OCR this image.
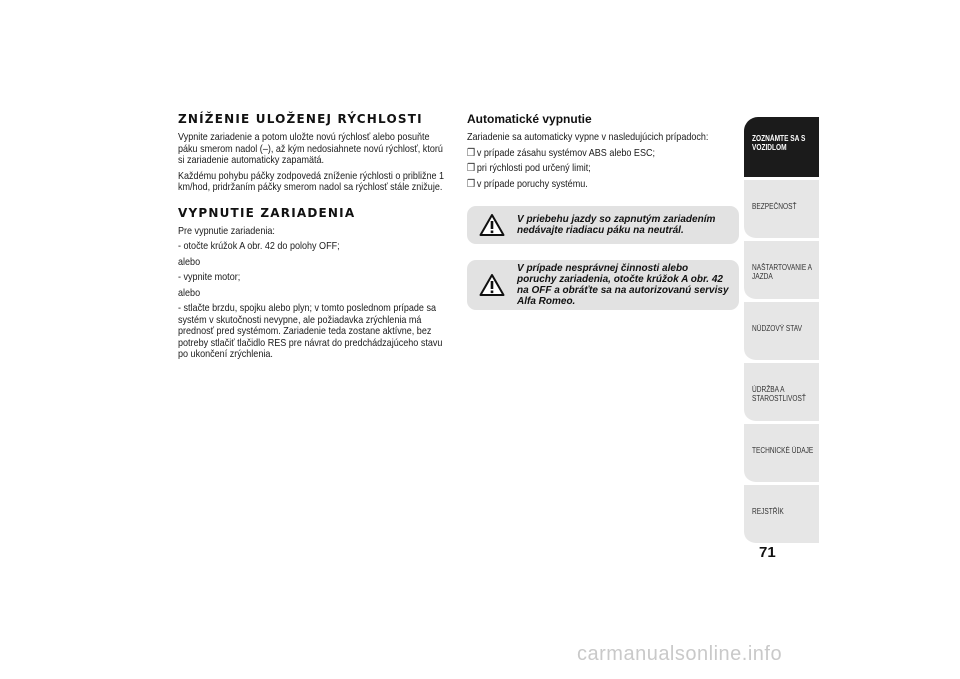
ZNÍŽENIE ULOŽENEJ RÝCHLOSTI

Vypnite zariadenie a potom uložte novú rýchlosť alebo posuňte páku smerom nadol (–), až kým nedosiahnete novú rýchlosť, ktorú si zariadenie automaticky zapamätá.

Každému pohybu páčky zodpovedá zníženie rýchlosti o približne 1 km/hod, pridržaním páčky smerom nadol sa rýchlosť stále znižuje.

VYPNUTIE ZARIADENIA

Pre vypnutie zariadenia:

- otočte krúžok A obr. 42 do polohy OFF;

alebo

- vypnite motor;

alebo

- stlačte brzdu, spojku alebo plyn; v tomto poslednom prípade sa systém v skutočnosti nevypne, ale požiadavka zrýchlenia má prednosť pred systémom. Zariadenie teda zostane aktívne, bez potreby stlačiť tlačidlo RES pre návrat do predchádzajúceho stavu po ukončení zrýchlenia.

Automatické vypnutie

Zariadenie sa automaticky vypne v nasledujúcich prípadoch:

❒ v prípade zásahu systémov ABS alebo ESC;

❒ pri rýchlosti pod určený limit;

❒ v prípade poruchy systému.

V priebehu jazdy so zapnutým zariadením nedávajte riadiacu páku na neutrál.
V prípade nesprávnej činnosti alebo poruchy zariadenia, otočte krúžok A obr. 42 na OFF a obráťte sa na autorizovanú servisy Alfa Romeo.
ZOZNÁMTE SA S VOZIDLOM
BEZPEČNOSŤ
NAŠTARTOVANIE A JAZDA
NÚDZOVÝ STAV
ÚDRŽBA A STAROSTLIVOSŤ
TECHNICKÉ ÚDAJE
REJSTŘÍK
71
carmanualsonline.info
